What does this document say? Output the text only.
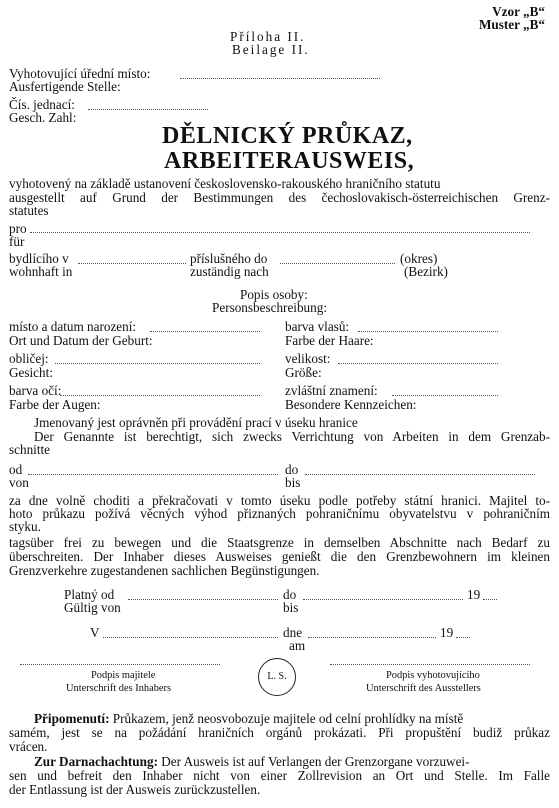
Vzor „B“
Muster „B“
Příloha II.
Beilage II.
Vyhotovující úřední místo:
Ausfertigende Stelle:
Čís. jednací:
Gesch. Zahl:
DĚLNICKÝ PRŮKAZ,
ARBEITERAUSWEIS,
vyhotovený na základě ustanovení československo-rakouského hraničního statutu
ausgestellt auf Grund der Bestimmungen des čechoslovakisch-österreichischen Grenz-
statutes
pro
für
bydlícího v
wohnhaft in
příslušného do
zuständig nach
(okres)
(Bezirk)
Popis osoby:
Personsbeschreibung:
místo a datum narození:
Ort und Datum der Geburt:
barva vlasů:
Farbe der Haare:
obličej:
Gesicht:
velikost:
Größe:
barva očí:
Farbe der Augen:
zvláštní znamení:
Besondere Kennzeichen:
Jmenovaný jest oprávněn při provádění prací v úseku hranice
Der Genannte ist berechtigt, sich zwecks Verrichtung von Arbeiten in dem Grenzab-
schnitte
od
von
do
bis
za dne volně choditi a překračovati v tomto úseku podle potřeby státní hranici. Majitel to-
hoto průkazu požívá věcných výhod přiznaných pohraničnímu obyvatelstvu v pohraničním
styku.
tagsüber frei zu bewegen und die Staatsgrenze in demselben Abschnitte nach Bedarf zu
überschreiten. Der Inhaber dieses Ausweises genießt die den Grenzbewohnern im kleinen
Grenzverkehre zugestandenen sachlichen Begünstigungen.
Platný od
Gültig von
do
bis
19
V	dne
am
19
Podpis majitele
Unterschrift des Inhabers
L. S.	Podpis vyhotovujícího
Unterschrift des Ausstellers
Připomenutí: Průkazem, jenž neosvobozuje majitele od celní prohlídky na místě
samém, jest se na požádání hraničních orgánů prokázati. Při propuštění budiž průkaz
vrácen.
Zur Darnachachtung: Der Ausweis ist auf Verlangen der Grenzorgane vorzuwei-
sen und befreit den Inhaber nicht von einer Zollrevision an Ort und Stelle. Im Falle
der Entlassung ist der Ausweis zurückzustellen.
